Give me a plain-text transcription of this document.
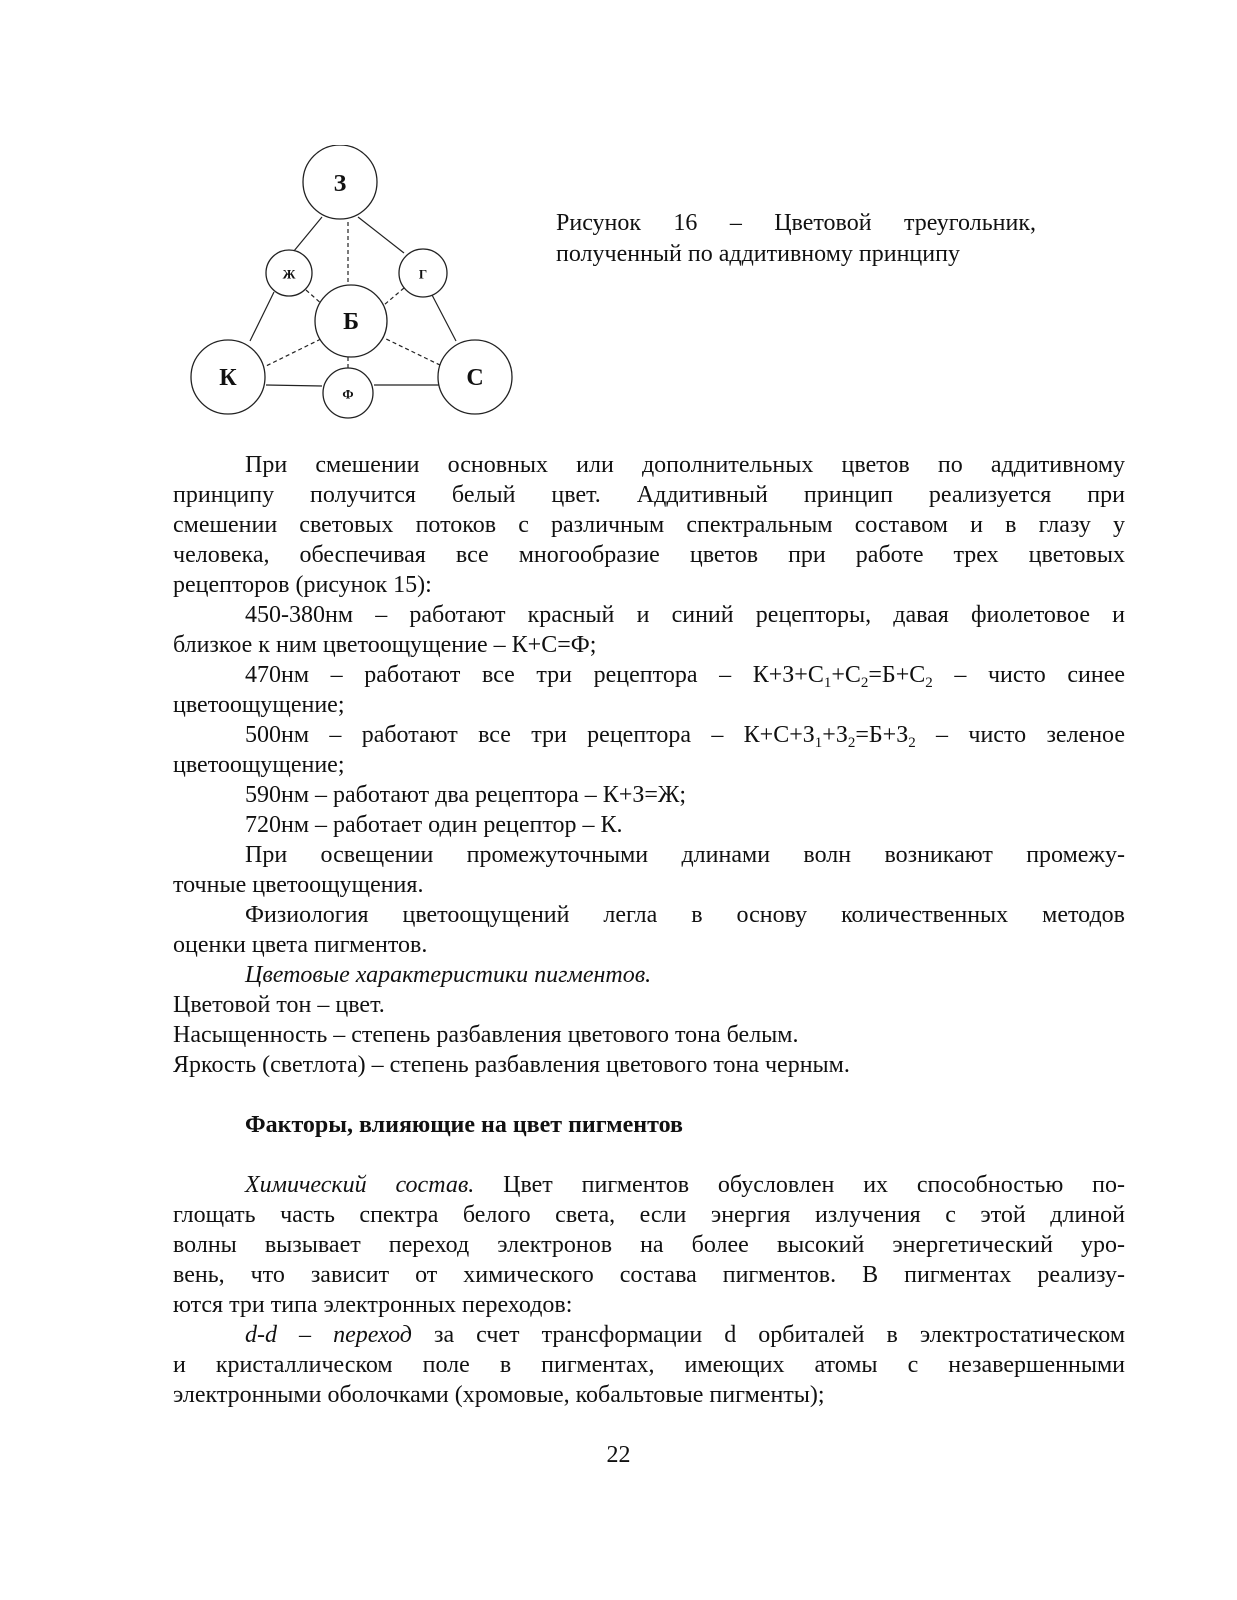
З
Ж	Г
Б
К	С
Ф
Рисунок 16 – Цветовой треугольник,
полученный по аддитивному принципу
При смешении основных или дополнительных цветов по аддитивному
принципу получится белый цвет. Аддитивный принцип реализуется при
смешении световых потоков с различным спектральным составом и в глазу у
человека, обеспечивая все многообразие цветов при работе трех цветовых
рецепторов (рисунок 15):
450-380нм – работают красный и синий рецепторы, давая фиолетовое и
близкое к ним цветоощущение – К+С=Ф;
470нм – работают все три рецептора – $К+З+С_1+С_2=Б+С_2$ – чисто синее
цветоощущение;
500нм – работают все три рецептора – $К+С+З_1+З_2=Б+З_2$ – чисто зеленое
цветоощущение;
590нм – работают два рецептора – К+З=Ж;
720нм – работает один рецептор – К.
При освещении промежуточными длинами волн возникают промежу-
точные цветоощущения.
Физиология цветоощущений легла в основу количественных методов
оценки цвета пигментов.
Цветовые характеристики пигментов.
Цветовой тон – цвет.
Насыщенность – степень разбавления цветового тона белым.
Яркость (светлота) – степень разбавления цветового тона черным.
Факторы, влияющие на цвет пигментов
Химический состав. Цвет пигментов обусловлен их способностью по-
глощать часть спектра белого света, если энергия излучения с этой длиной
волны вызывает переход электронов на более высокий энергетический уро-
вень, что зависит от химического состава пигментов. В пигментах реализу-
ются три типа электронных переходов:
d-d – переход за счет трансформации d орбиталей в электростатическом
и кристаллическом поле в пигментах, имеющих атомы с незавершенными
электронными оболочками (хромовые, кобальтовые пигменты);
22
